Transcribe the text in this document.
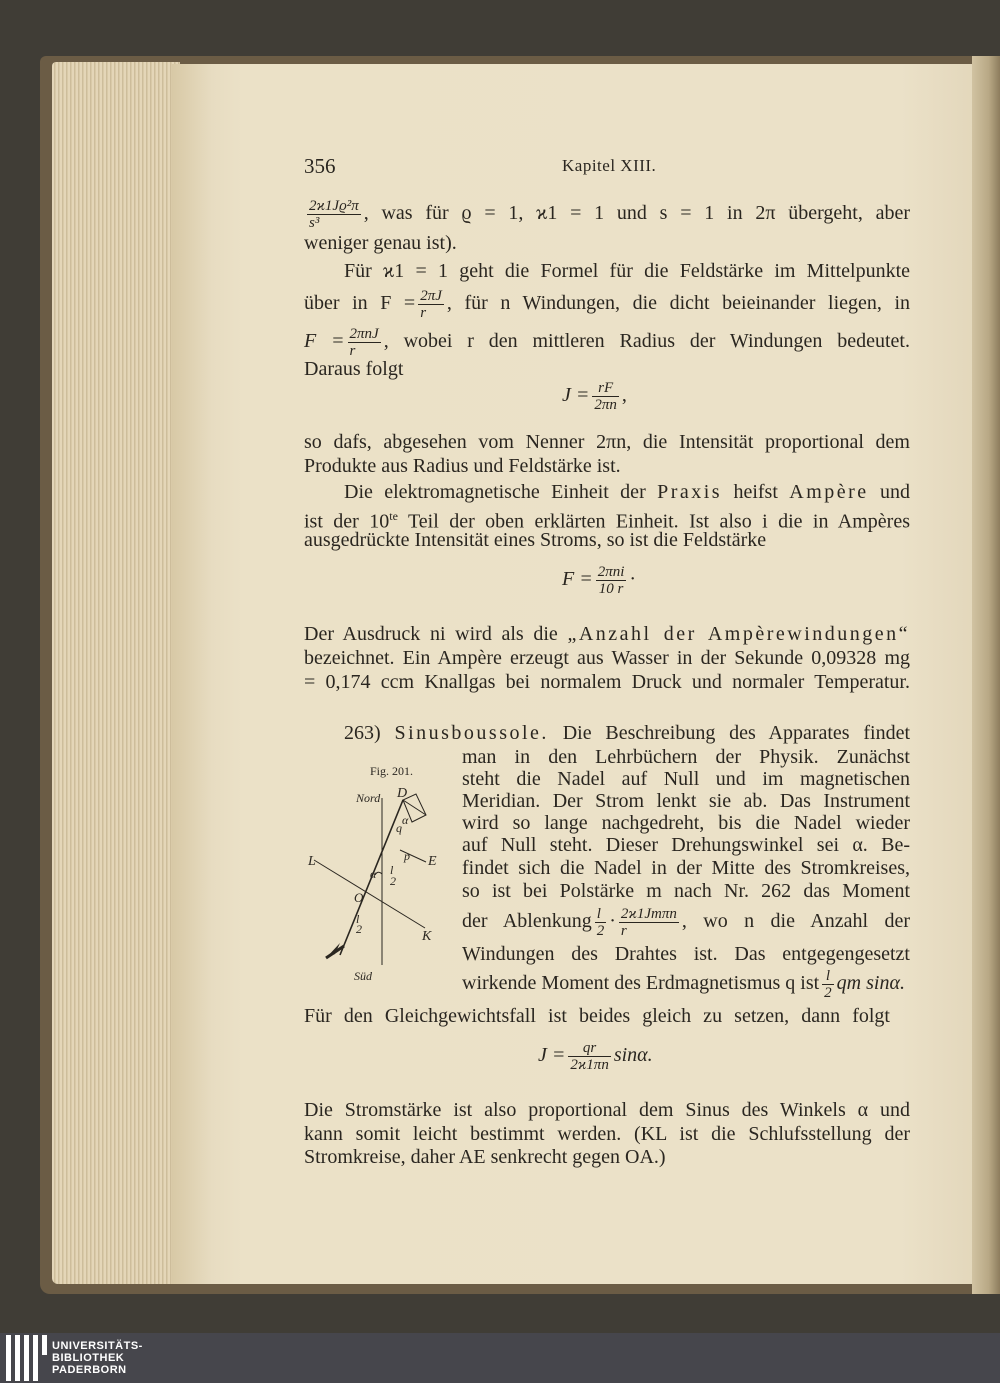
356	Kapitel XIII.
$\frac{\text{2ϰ1Jϱ²π}}{\text{s³}}$ , was für ϱ = 1, ϰ1 = 1 und s = 1 in 2π übergeht, aber
weniger genau ist).
Für ϰ1 = 1 geht die Formel für die Feldstärke im Mittelpunkte
über in $F = \frac{2\pi J}{r}$ , für n Windungen, die dicht beieinander liegen, in
$F = \frac{\text{2πnJ}}{r}$ , wobei r den mittleren Radius der Windungen bedeutet.
Daraus folgt
$J = \frac{rF}{2\pi n}$ ,
so dafs, abgesehen vom Nenner 2πn, die Intensität proportional dem
Produkte aus Radius und Feldstärke ist.
Die elektromagnetische Einheit der Praxis heifst Ampère und
ist der $10^{te}$ Teil der oben erklärten Einheit. Ist also i die in Ampères
ausgedrückte Intensität eines Stroms, so ist die Feldstärke
$F = \frac{\text{2πni}}{10 r}$ ·
Der Ausdruck ni wird als die „Anzahl der Ampèrewindungen“
bezeichnet. Ein Ampère erzeugt aus Wasser in der Sekunde 0,09328 mg
= 0,174 ccm Knallgas bei normalem Druck und normaler Temperatur.
263) Sinusboussole. Die Beschreibung des Apparates findet
man in den Lehrbüchern der Physik. Zunächst
steht die Nadel auf Null und im magnetischen
Meridian. Der Strom lenkt sie ab. Das Instrument
wird so lange nachgedreht, bis die Nadel wieder
auf Null steht. Dieser Drehungswinkel sei α. Be-
findet sich die Nadel in der Mitte des Stromkreises,
so ist bei Polstärke m nach Nr. 262 das Moment
der Ablenkung $\frac{l}{2} \cdot \frac{\text{2ϰ1Jmπn}}{r}$ , wo n die Anzahl der
Windungen des Drahtes ist. Das entgegengesetzt
wirkende Moment des Erdmagnetismus q ist $\frac{l}{2}$ qm sinα.
Fig. 201.
Nord D
E
L
K
O
α
q
p
α l
2
l
2
Süd
Für den Gleichgewichtsfall ist beides gleich zu setzen, dann folgt
$J = \frac{qr}{2ϰ1\pi n} \sin\alpha$.
Die Stromstärke ist also proportional dem Sinus des Winkels α und
kann somit leicht bestimmt werden. (KL ist die Schlufsstellung der
Stromkreise, daher AE senkrecht gegen OA.)
UNIVERSITÄTS-
BIBLIOTHEK
PADERBORN
